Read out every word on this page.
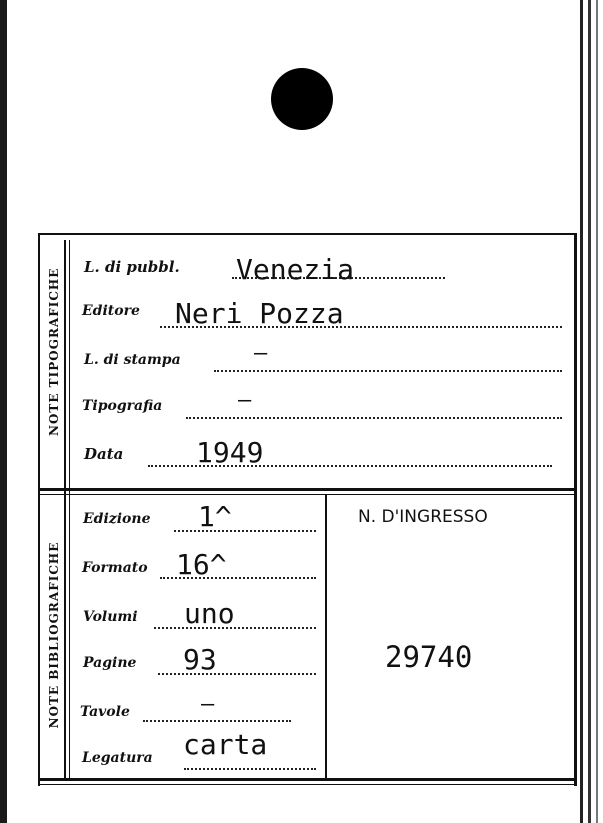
NOTE TIPOGRAFICHE
NOTE BIBLIOGRAFICHE
L. di pubbl. Venezia
Editore Neri Pozza
L. di stampa	–
Tipografia	–
Data	1949
Edizione 1^
Formato 16^
Volumi uno
Pagine 93
Tavole	–
Legatura carta
N. D'INGRESSO
29740
